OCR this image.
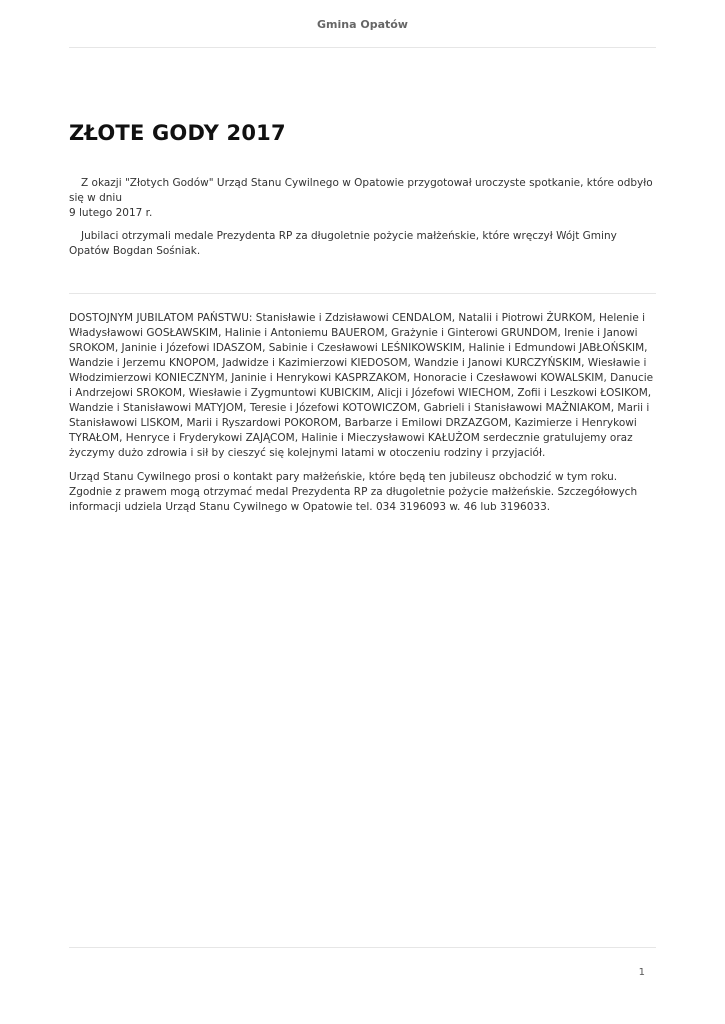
Gmina Opatów
ZŁOTE GODY 2017

Z okazji "Złotych Godów" Urząd Stanu Cywilnego w Opatowie przygotował uroczyste spotkanie, które odbyło się w dniu
9 lutego 2017 r.

Jubilaci otrzymali medale Prezydenta RP za długoletnie pożycie małżeńskie, które wręczył Wójt Gminy Opatów Bogdan Sośniak.

DOSTOJNYM JUBILATOM PAŃSTWU: Stanisławie i Zdzisławowi CENDALOM, Natalii i Piotrowi ŻURKOM, Helenie i Władysławowi GOSŁAWSKIM, Halinie i Antoniemu BAUEROM, Grażynie i Ginterowi GRUNDOM, Irenie i Janowi SROKOM, Janinie i Józefowi IDASZOM, Sabinie i Czesławowi LEŚNIKOWSKIM, Halinie i Edmundowi JABŁOŃSKIM, Wandzie i Jerzemu KNOPOM, Jadwidze i Kazimierzowi KIEDOSOM, Wandzie i Janowi KURCZYŃSKIM, Wiesławie i Włodzimierzowi KONIECZNYM, Janinie i Henrykowi KASPRZAKOM, Honoracie i Czesławowi KOWALSKIM, Danucie i Andrzejowi SROKOM, Wiesławie i Zygmuntowi KUBICKIM, Alicji i Józefowi WIECHOM, Zofii i Leszkowi ŁOSIKOM, Wandzie i Stanisławowi MATYJOM, Teresie i Józefowi KOTOWICZOM, Gabrieli i Stanisławowi MAŻNIAKOM, Marii i Stanisławowi LISKOM, Marii i Ryszardowi POKOROM, Barbarze i Emilowi DRZAZGOM, Kazimierze i Henrykowi TYRAŁOM, Henryce i Fryderykowi ZAJĄCOM, Halinie i Mieczysławowi KAŁUŻOM serdecznie gratulujemy oraz życzymy dużo zdrowia i sił by cieszyć się kolejnymi latami w otoczeniu rodziny i przyjaciół.

Urząd Stanu Cywilnego prosi o kontakt pary małżeńskie, które będą ten jubileusz obchodzić w tym roku. Zgodnie z prawem mogą otrzymać medal Prezydenta RP za długoletnie pożycie małżeńskie. Szczegółowych informacji udziela Urząd Stanu Cywilnego w Opatowie tel. 034 3196093 w. 46 lub 3196033.

1
